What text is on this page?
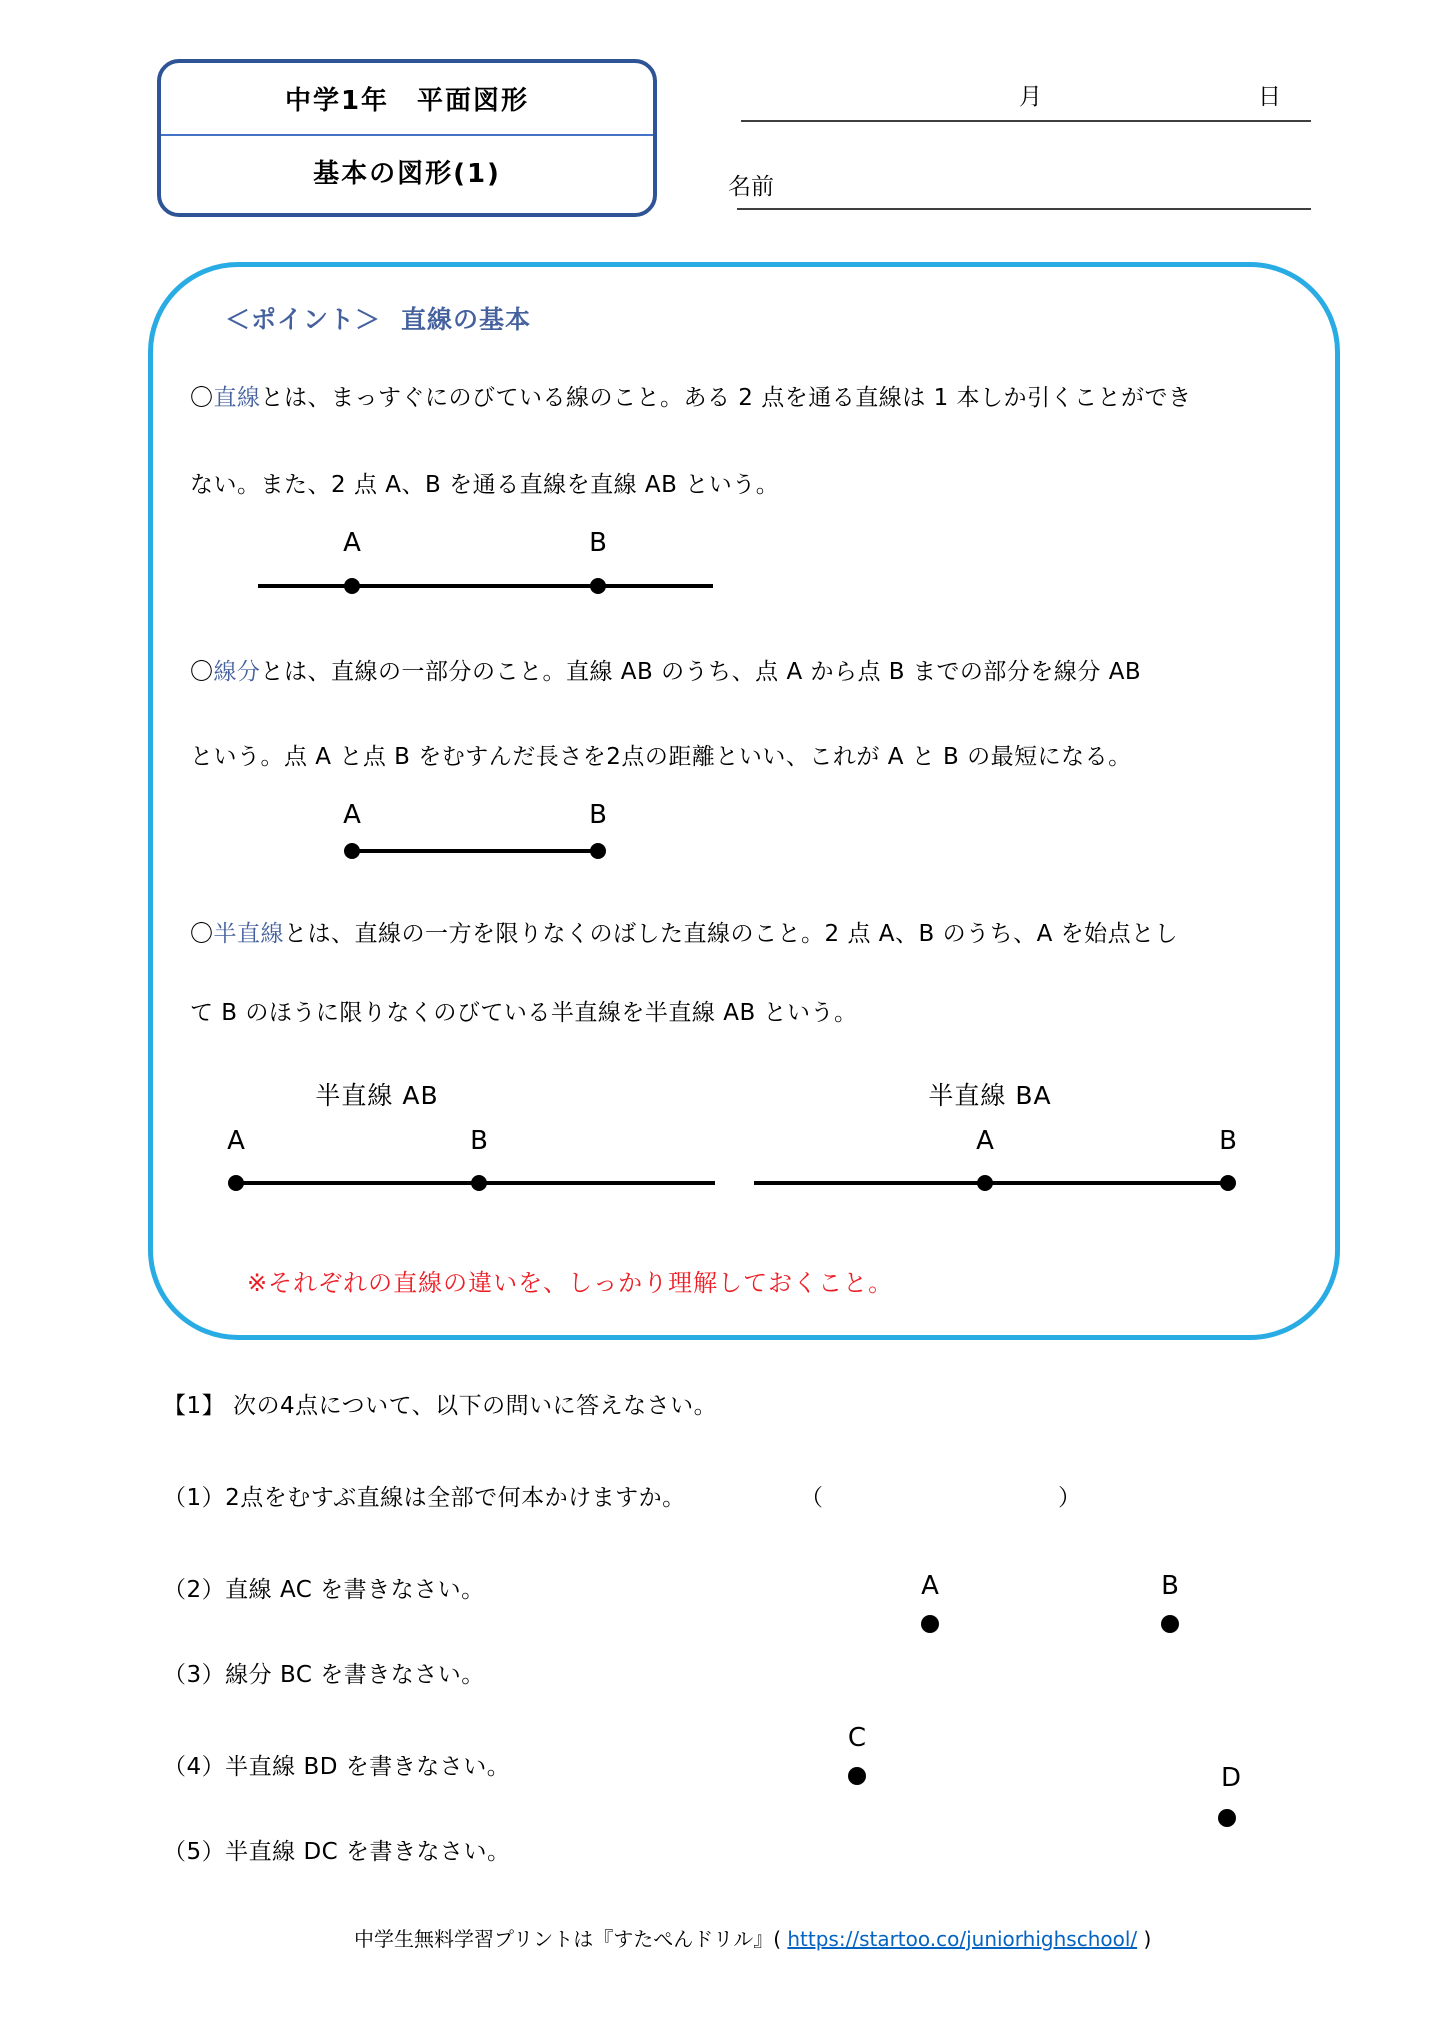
中学1年　平面図形
基本の図形(1)
月	日
名前
＜ポイント＞ 直線の基本
〇直線とは、まっすぐにのびている線のこと。ある 2 点を通る直線は 1 本しか引くことができ
ない。また、2 点 A、B を通る直線を直線 AB という。
A	B
〇線分とは、直線の一部分のこと。直線 AB のうち、点 A から点 B までの部分を線分 AB
という。点 A と点 B をむすんだ長さを2点の距離といい、これが A と B の最短になる。
A	B
〇半直線とは、直線の一方を限りなくのばした直線のこと。2 点 A、B のうち、A を始点とし
て B のほうに限りなくのびている半直線を半直線 AB という。
半直線 AB
A	B
半直線 BA
A	B
※それぞれの直線の違いを、しっかり理解しておくこと。
【1】 次の4点について、以下の問いに答えなさい。
（1）2点をむすぶ直線は全部で何本かけますか。	（	）
（2）直線 AC を書きなさい。
（3）線分 BC を書きなさい。
（4）半直線 BD を書きなさい。
（5）半直線 DC を書きなさい。
A	B
C
D
中学生無料学習プリントは『すたぺんドリル』( https://startoo.co/juniorhighschool/ )
